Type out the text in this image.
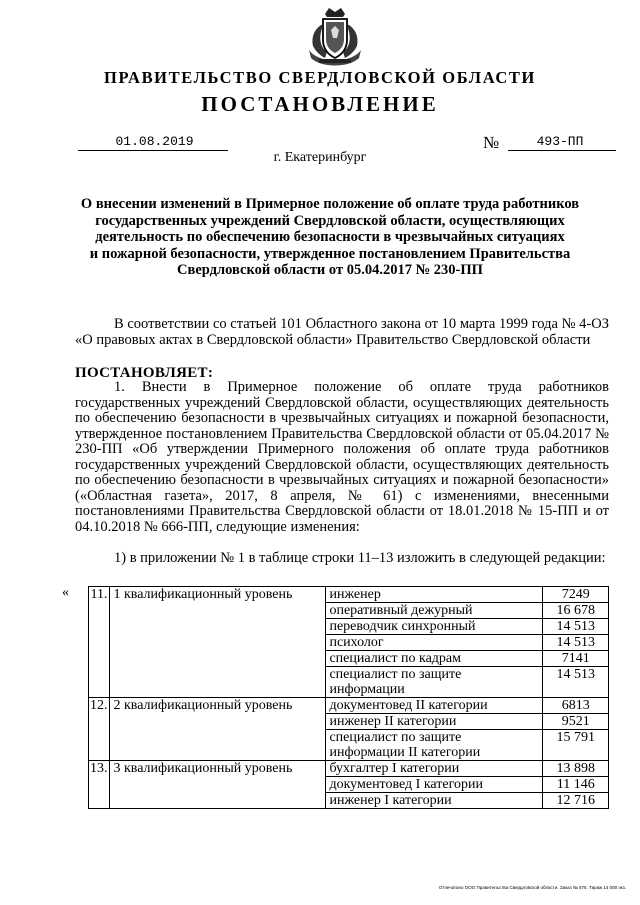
ПРАВИТЕЛЬСТВО СВЕРДЛОВСКОЙ ОБЛАСТИ
ПОСТАНОВЛЕНИЕ
01.08.2019	№	493-ПП
г. Екатеринбург
О внесении изменений в Примерное положение об оплате труда работников
государственных учреждений Свердловской области, осуществляющих
деятельность по обеспечению безопасности в чрезвычайных ситуациях
и пожарной безопасности, утвержденное постановлением Правительства
Свердловской области от 05.04.2017 № 230-ПП
В соответствии со статьей 101 Областного закона от 10 марта 1999 года № 4-ОЗ «О правовых актах в Свердловской области» Правительство Свердловской области
ПОСТАНОВЛЯЕТ:
1. Внести в Примерное положение об оплате труда работников государственных учреждений Свердловской области, осуществляющих деятельность по обеспечению безопасности в чрезвычайных ситуациях и пожарной безопасности, утвержденное постановлением Правительства Свердловской области от 05.04.2017 № 230-ПП «Об утверждении Примерного положения об оплате труда работников государственных учреждений Свердловской области, осуществляющих деятельность по обеспечению безопасности в чрезвычайных ситуациях и пожарной безопасности» («Областная газета», 2017, 8 апреля, № 61) с изменениями, внесенными постановлениями Правительства Свердловской области от 18.01.2018 № 15-ПП и от 04.10.2018 № 666-ПП, следующие изменения:
1) в приложении № 1 в таблице строки 11–13 изложить в следующей редакции:
« 11.	1 квалификационный уровень	инженер	7249
		оперативный дежурный	16 678
		переводчик синхронный	14 513
		психолог	14 513
		специалист по кадрам	7141
		специалист по защите информации	14 513
12.	2 квалификационный уровень	документовед II категории	6813
		инженер II категории	9521
		специалист по защите информации II категории	15 791
13.	3 квалификационный уровень	бухгалтер I категории	13 898
		документовед I категории	11 146
		инженер I категории	12 716
Отпечатано ООО Правительства Свердловской области. Заказ № 575. Тираж 14 000 экз.
